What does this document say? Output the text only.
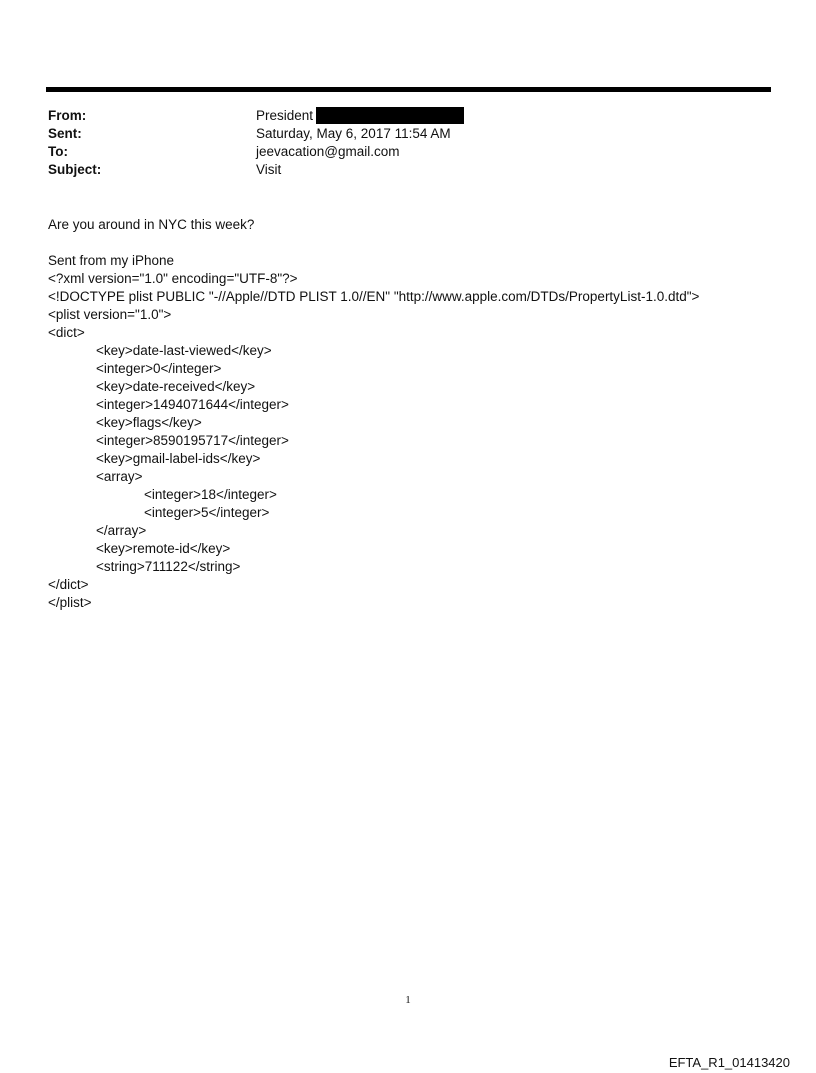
From:	President
Sent:	Saturday, May 6, 2017 11:54 AM
To:	jeevacation@gmail.com
Subject:	Visit
Are you around in NYC this week?
Sent from my iPhone
<?xml version="1.0" encoding="UTF-8"?>
<!DOCTYPE plist PUBLIC "-//Apple//DTD PLIST 1.0//EN" "http://www.apple.com/DTDs/PropertyList-1.0.dtd">
<plist version="1.0">
<dict>
<key>date-last-viewed</key>
<integer>0</integer>
<key>date-received</key>
<integer>1494071644</integer>
<key>flags</key>
<integer>8590195717</integer>
<key>gmail-label-ids</key>
<array>
<integer>18</integer>
<integer>5</integer>
</array>
<key>remote-id</key>
<string>711122</string>
</dict>
</plist>
1
EFTA_R1_01413420
